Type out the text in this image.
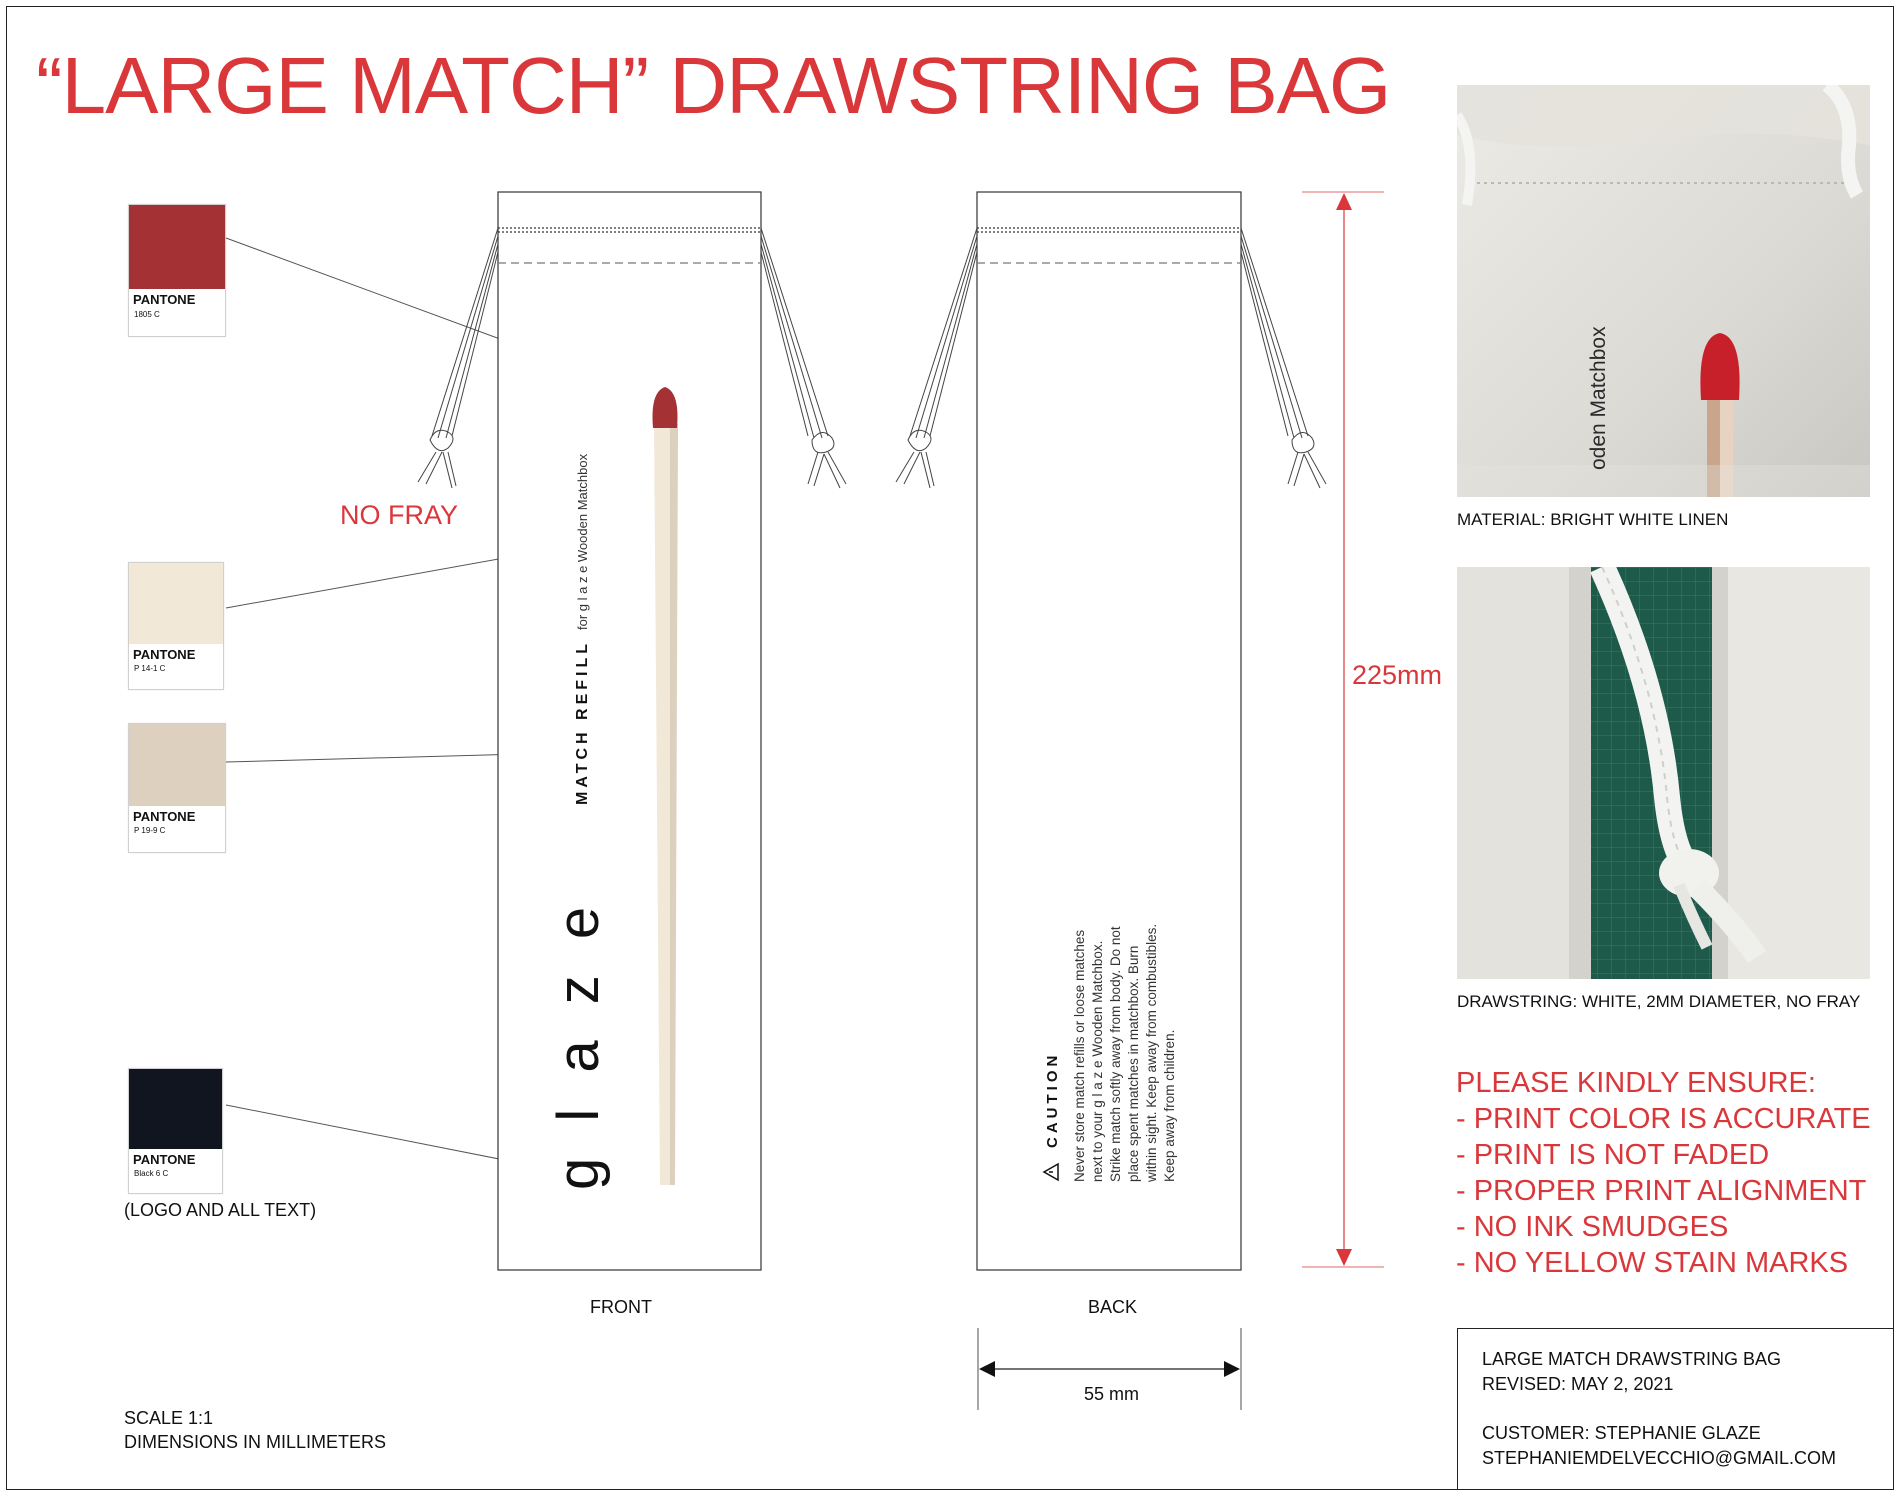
“LARGE MATCH” DRAWSTRING BAG
PANTONE
1805 C
PANTONE
P 14-1 C
PANTONE
P 19-9 C
PANTONE
Black 6 C
NO FRAY
(LOGO AND ALL TEXT)
g l a z e
MATCH REFILL
for g l a z e Wooden Matchbox
CAUTION Never store match refills or loose matches next to your g l a z e Wooden Matchbox. Strike match softly away from body. Do not place spent matches in matchbox. Burn within sight. Keep away from combustibles. Keep away from children.
225mm
55 mm
FRONT	BACK
oden Matchbox
MATERIAL: BRIGHT WHITE LINEN
DRAWSTRING: WHITE, 2MM DIAMETER, NO FRAY
PLEASE KINDLY ENSURE:
- PRINT COLOR IS ACCURATE
- PRINT IS NOT FADED
- PROPER PRINT ALIGNMENT
- NO INK SMUDGES
- NO YELLOW STAIN MARKS
SCALE 1:1
DIMENSIONS IN MILLIMETERS
LARGE MATCH DRAWSTRING BAG
REVISED: MAY 2, 2021
CUSTOMER: STEPHANIE GLAZE
STEPHANIEMDELVECCHIO@GMAIL.COM
